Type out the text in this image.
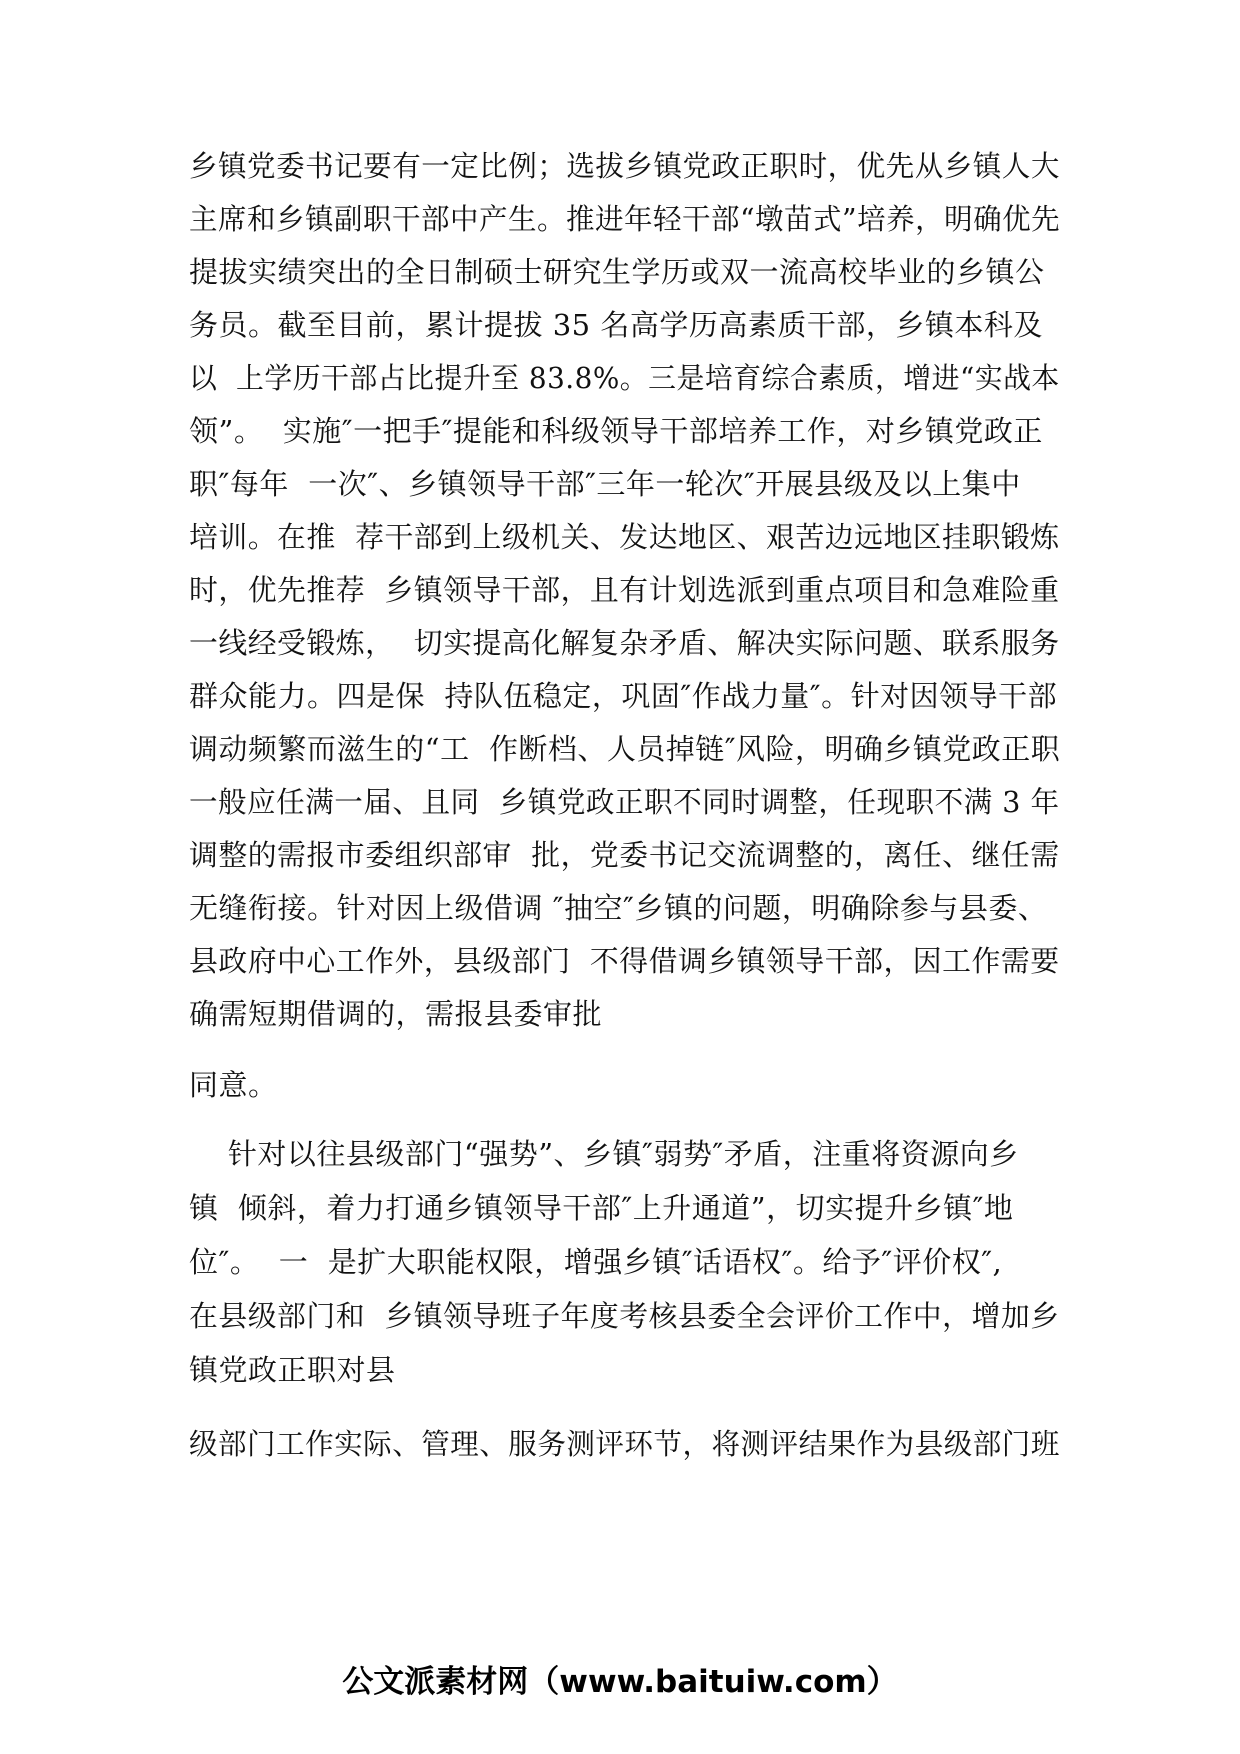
乡镇党委书记要有一定比例；选拔乡镇党政正职时，优先从乡镇人大
主席和乡镇副职干部中产生。推进年轻干部“墩苗式”培养，明确优先
提拔实绩突出的全日制硕士研究生学历或双一流高校毕业的乡镇公
务员。截至目前，累计提拔 35 名高学历高素质干部，乡镇本科及
以  上学历干部占比提升至 83.8%。三是培育综合素质，增进“实战本
领”。  实施″一把手″提能和科级领导干部培养工作，对乡镇党政正
职″每年  一次″、乡镇领导干部″三年一轮次″开展县级及以上集中
培训。在推  荐干部到上级机关、发达地区、艰苦边远地区挂职锻炼
时，优先推荐  乡镇领导干部，且有计划选派到重点项目和急难险重
一线经受锻炼，  切实提高化解复杂矛盾、解决实际问题、联系服务
群众能力。四是保  持队伍稳定，巩固″作战力量″。针对因领导干部
调动频繁而滋生的“工  作断档、人员掉链″风险，明确乡镇党政正职
一般应任满一届、且同  乡镇党政正职不同时调整，任现职不满 3 年
调整的需报市委组织部审  批，党委书记交流调整的，离任、继任需
无缝衔接。针对因上级借调 ″抽空″乡镇的问题，明确除参与县委、
县政府中心工作外，县级部门  不得借调乡镇领导干部，因工作需要
确需短期借调的，需报县委审批
同意。
针对以往县级部门“强势”、乡镇″弱势″矛盾，注重将资源向乡
镇  倾斜，着力打通乡镇领导干部″上升通道”，切实提升乡镇″地
位″。  一  是扩大职能权限，增强乡镇″话语权″。给予″评价权″,
在县级部门和  乡镇领导班子年度考核县委全会评价工作中，增加乡
镇党政正职对县
级部门工作实际、管理、服务测评环节，将测评结果作为县级部门班
公文派素材网（www.baituiw.com）
